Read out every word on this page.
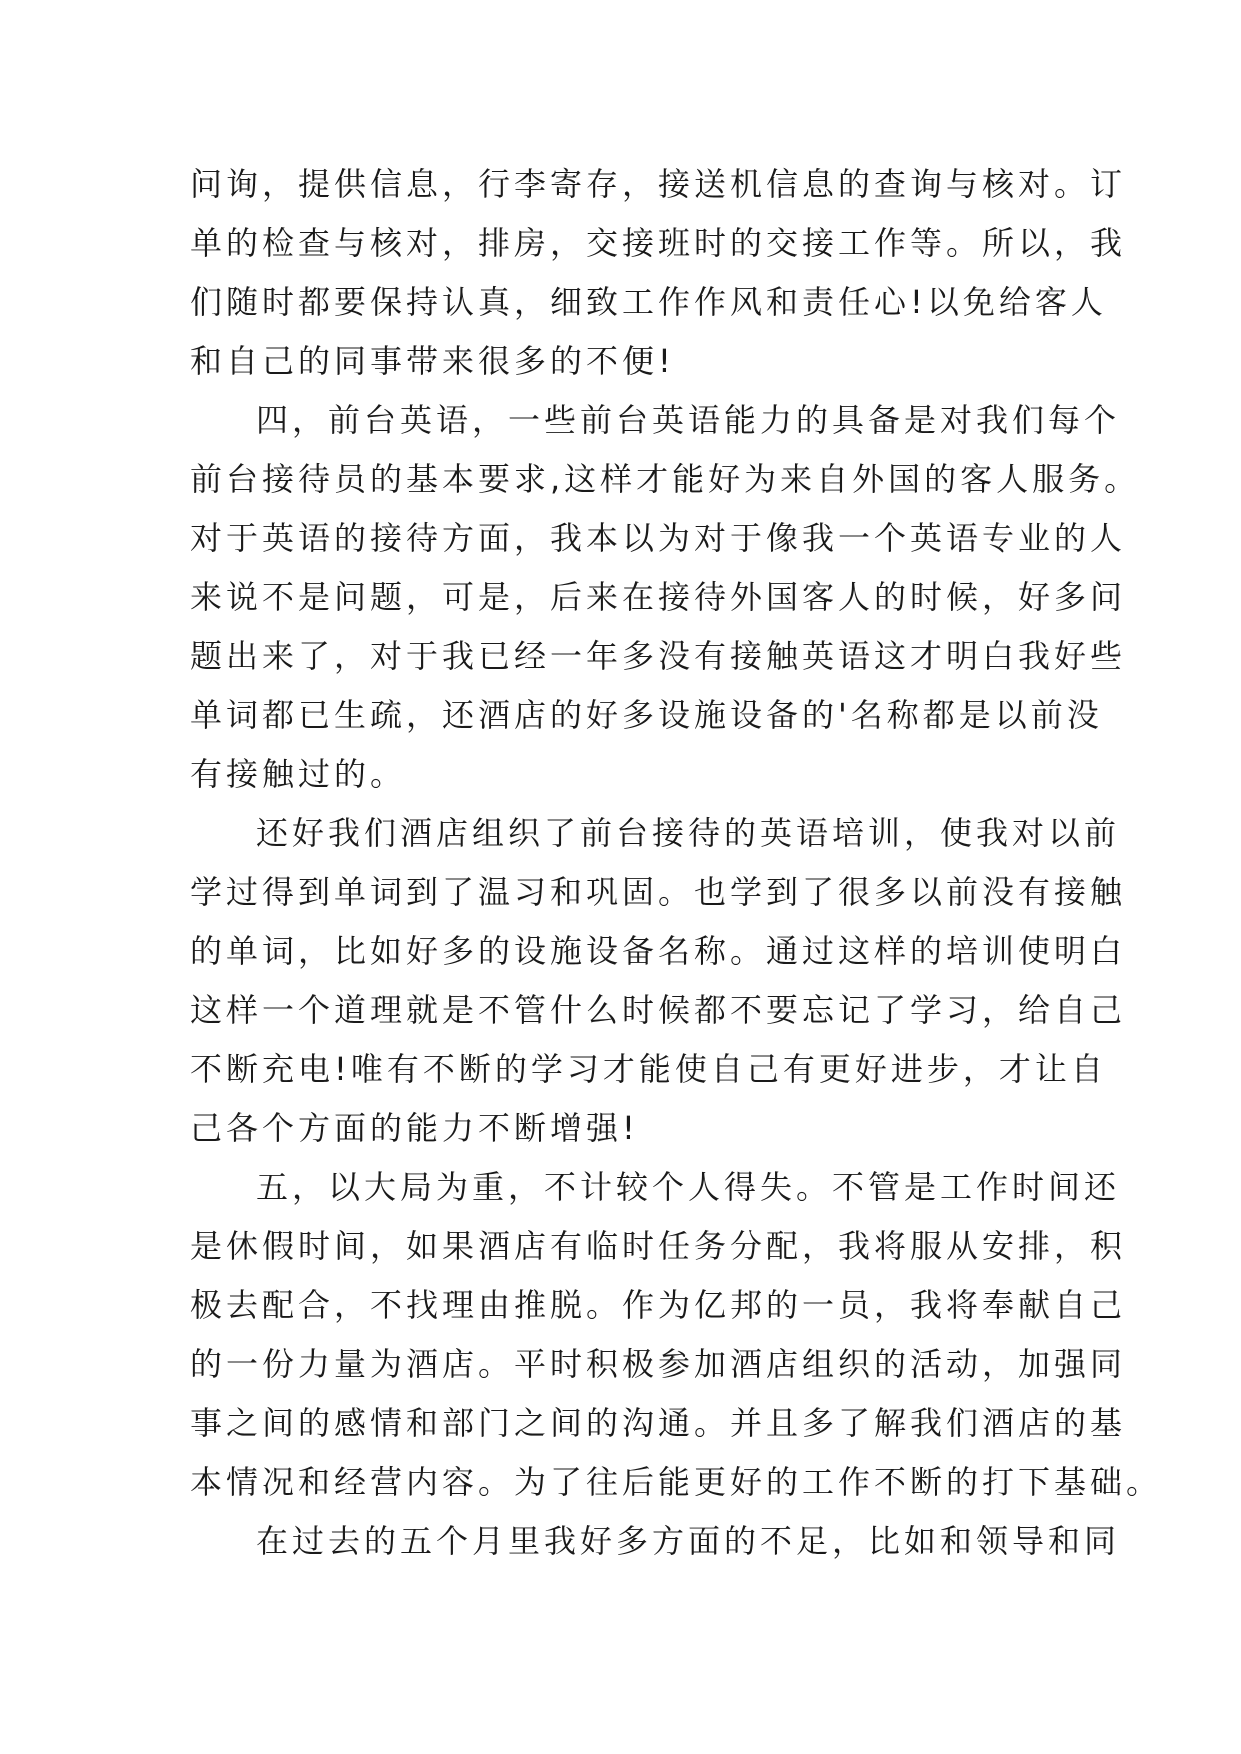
问询，提供信息，行李寄存，接送机信息的查询与核对。订
单的检查与核对，排房，交接班时的交接工作等。所以，我
们随时都要保持认真，细致工作作风和责任心!以免给客人
和自己的同事带来很多的不便!
四，前台英语，一些前台英语能力的具备是对我们每个
前台接待员的基本要求,这样才能好为来自外国的客人服务。
对于英语的接待方面，我本以为对于像我一个英语专业的人
来说不是问题，可是，后来在接待外国客人的时候，好多问
题出来了，对于我已经一年多没有接触英语这才明白我好些
单词都已生疏，还酒店的好多设施设备的'名称都是以前没
有接触过的。
还好我们酒店组织了前台接待的英语培训，使我对以前
学过得到单词到了温习和巩固。也学到了很多以前没有接触
的单词，比如好多的设施设备名称。通过这样的培训使明白
这样一个道理就是不管什么时候都不要忘记了学习，给自己
不断充电!唯有不断的学习才能使自己有更好进步，才让自
己各个方面的能力不断增强!
五，以大局为重，不计较个人得失。不管是工作时间还
是休假时间，如果酒店有临时任务分配，我将服从安排，积
极去配合，不找理由推脱。作为亿邦的一员，我将奉献自己
的一份力量为酒店。平时积极参加酒店组织的活动，加强同
事之间的感情和部门之间的沟通。并且多了解我们酒店的基
本情况和经营内容。为了往后能更好的工作不断的打下基础。
在过去的五个月里我好多方面的不足，比如和领导和同
